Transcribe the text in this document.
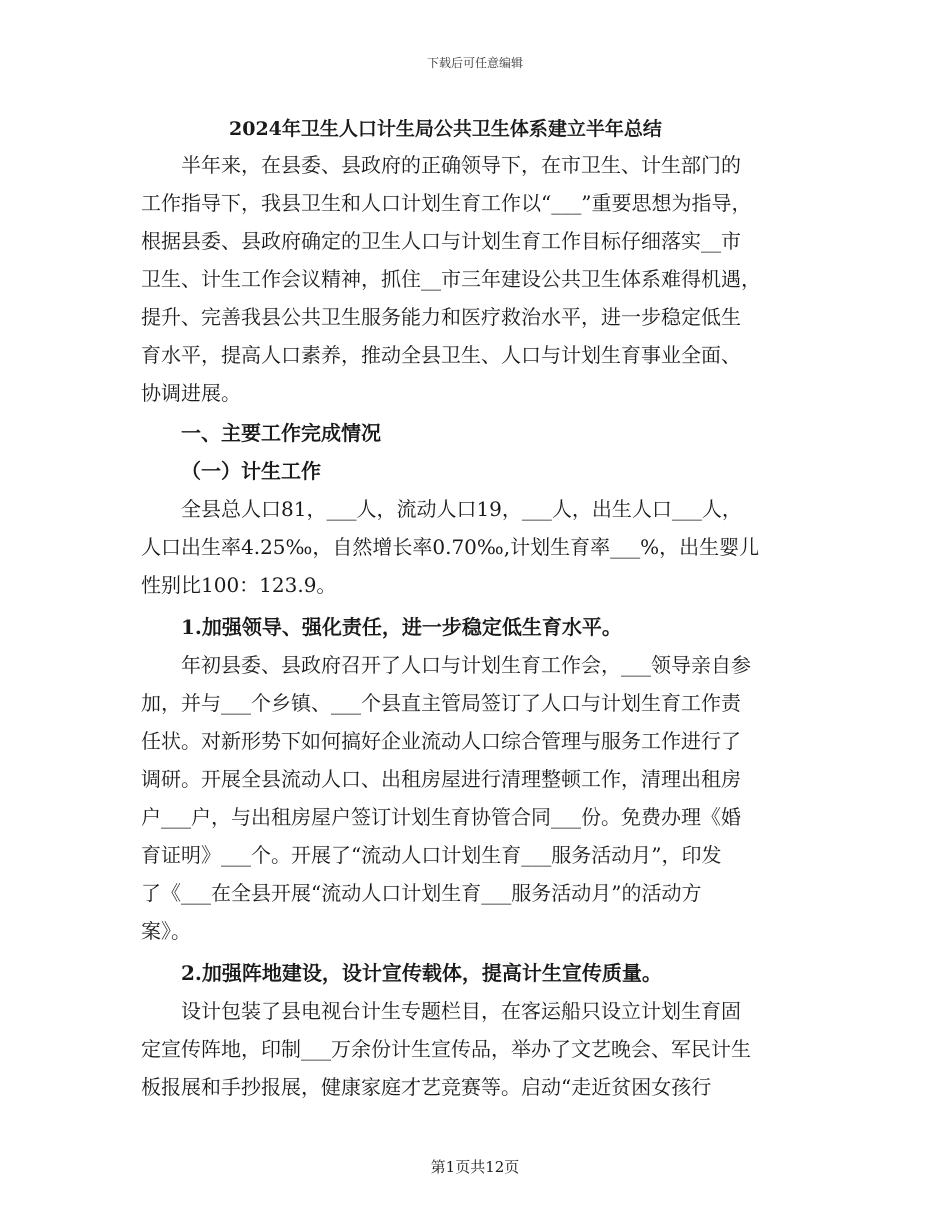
下载后可任意编辑
2024年卫生人口计生局公共卫生体系建立半年总结

半年来，在县委、县政府的正确领导下，在市卫生、计生部门的
工作指导下，我县卫生和人口计划生育工作以“___”重要思想为指导，
根据县委、县政府确定的卫生人口与计划生育工作目标仔细落实__市
卫生、计生工作会议精神，抓住__市三年建设公共卫生体系难得机遇，
提升、完善我县公共卫生服务能力和医疗救治水平，进一步稳定低生
育水平，提高人口素养，推动全县卫生、人口与计划生育事业全面、
协调进展。

一、主要工作完成情况
（一）计生工作

全县总人口81，___人，流动人口19，___人，出生人口___人，
人口出生率4.25‰，自然增长率0.70‰,计划生育率___%，出生婴儿
性别比100：123.9。

1.加强领导、强化责任，进一步稳定低生育水平。

年初县委、县政府召开了人口与计划生育工作会，___领导亲自参
加，并与___个乡镇、___个县直主管局签订了人口与计划生育工作责
任状。对新形势下如何搞好企业流动人口综合管理与服务工作进行了
调研。开展全县流动人口、出租房屋进行清理整顿工作，清理出租房
户___户，与出租房屋户签订计划生育协管合同___份。免费办理《婚
育证明》___个。开展了“流动人口计划生育___服务活动月”，印发
了《___在全县开展“流动人口计划生育___服务活动月”的活动方
案》。

2.加强阵地建设，设计宣传载体，提高计生宣传质量。

设计包装了县电视台计生专题栏目，在客运船只设立计划生育固
定宣传阵地，印制___万余份计生宣传品，举办了文艺晚会、军民计生
板报展和手抄报展，健康家庭才艺竞赛等。启动“走近贫困女孩行

第1页共12页
